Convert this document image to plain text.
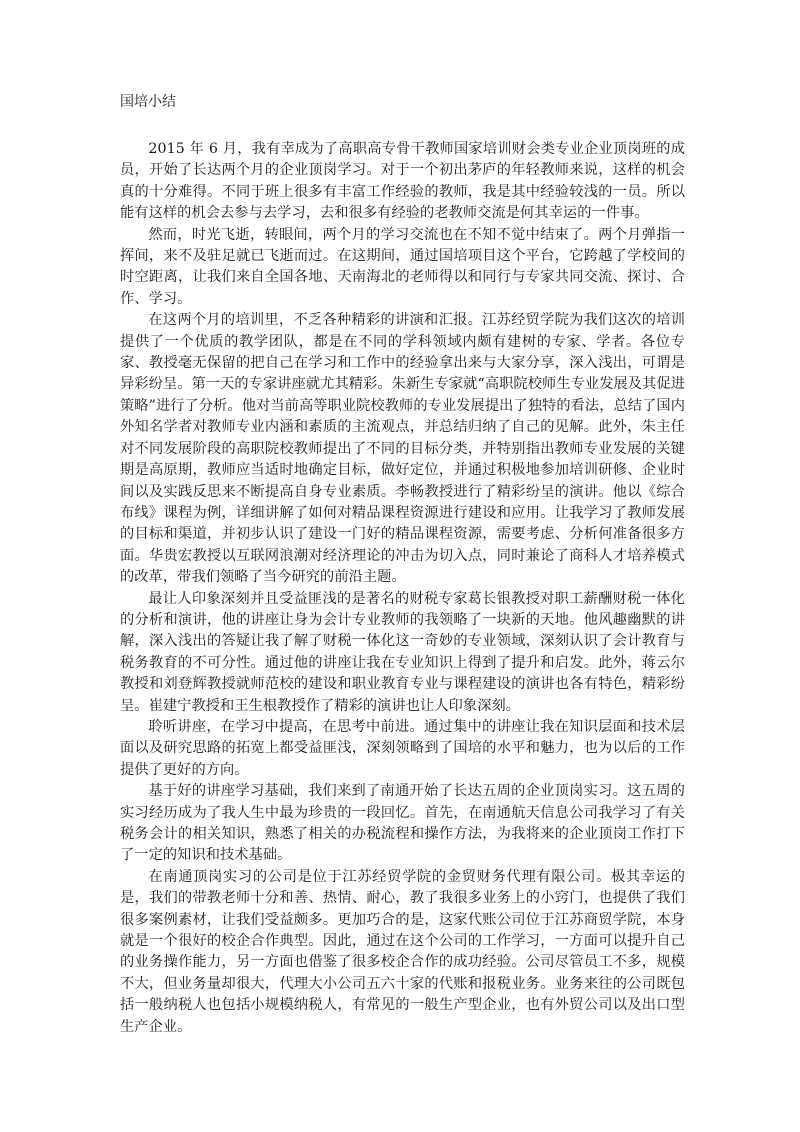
国培小结

2015 年 6 月，我有幸成为了高职高专骨干教师国家培训财会类专业企业顶岗班的成员，开始了长达两个月的企业顶岗学习。对于一个初出茅庐的年轻教师来说，这样的机会真的十分难得。不同于班上很多有丰富工作经验的教师，我是其中经验较浅的一员。所以能有这样的机会去参与去学习，去和很多有经验的老教师交流是何其幸运的一件事。

然而，时光飞逝，转眼间，两个月的学习交流也在不知不觉中结束了。两个月弹指一挥间，来不及驻足就已飞逝而过。在这期间，通过国培项目这个平台，它跨越了学校间的时空距离，让我们来自全国各地、天南海北的老师得以和同行与专家共同交流、探讨、合作、学习。

在这两个月的培训里，不乏各种精彩的讲演和汇报。江苏经贸学院为我们这次的培训提供了一个优质的教学团队，都是在不同的学科领域内颇有建树的专家、学者。各位专家、教授毫无保留的把自己在学习和工作中的经验拿出来与大家分享，深入浅出，可谓是异彩纷呈。第一天的专家讲座就尤其精彩。朱新生专家就“高职院校师生专业发展及其促进策略”进行了分析。他对当前高等职业院校教师的专业发展提出了独特的看法，总结了国内外知名学者对教师专业内涵和素质的主流观点，并总结归纳了自己的见解。此外，朱主任对不同发展阶段的高职院校教师提出了不同的目标分类，并特别指出教师专业发展的关键期是高原期，教师应当适时地确定目标，做好定位，并通过积极地参加培训研修、企业时间以及实践反思来不断提高自身专业素质。李畅教授进行了精彩纷呈的演讲。他以《综合布线》课程为例，详细讲解了如何对精品课程资源进行建设和应用。让我学习了教师发展的目标和渠道，并初步认识了建设一门好的精品课程资源，需要考虑、分析何准备很多方面。华贵宏教授以互联网浪潮对经济理论的冲击为切入点，同时兼论了商科人才培养模式的改革，带我们领略了当今研究的前沿主题。

最让人印象深刻并且受益匪浅的是著名的财税专家葛长银教授对职工薪酬财税一体化的分析和演讲，他的讲座让身为会计专业教师的我领略了一块新的天地。他风趣幽默的讲解，深入浅出的答疑让我了解了财税一体化这一奇妙的专业领域，深刻认识了会计教育与税务教育的不可分性。通过他的讲座让我在专业知识上得到了提升和启发。此外，蒋云尔教授和刘登辉教授就师范校的建设和职业教育专业与课程建设的演讲也各有特色，精彩纷呈。崔建宁教授和王生根教授作了精彩的演讲也让人印象深刻。

聆听讲座，在学习中提高，在思考中前进。通过集中的讲座让我在知识层面和技术层面以及研究思路的拓宽上都受益匪浅，深刻领略到了国培的水平和魅力，也为以后的工作提供了更好的方向。

基于好的讲座学习基础，我们来到了南通开始了长达五周的企业顶岗实习。这五周的实习经历成为了我人生中最为珍贵的一段回忆。首先，在南通航天信息公司我学习了有关税务会计的相关知识，熟悉了相关的办税流程和操作方法，为我将来的企业顶岗工作打下了一定的知识和技术基础。

在南通顶岗实习的公司是位于江苏经贸学院的金贸财务代理有限公司。极其幸运的是，我们的带教老师十分和善、热情、耐心，教了我很多业务上的小窍门，也提供了我们很多案例素材，让我们受益颇多。更加巧合的是，这家代账公司位于江苏商贸学院，本身就是一个很好的校企合作典型。因此，通过在这个公司的工作学习，一方面可以提升自己的业务操作能力，另一方面也借鉴了很多校企合作的成功经验。公司尽管员工不多，规模不大，但业务量却很大，代理大小公司五六十家的代账和报税业务。业务来往的公司既包括一般纳税人也包括小规模纳税人，有常见的一般生产型企业，也有外贸公司以及出口型生产企业。
